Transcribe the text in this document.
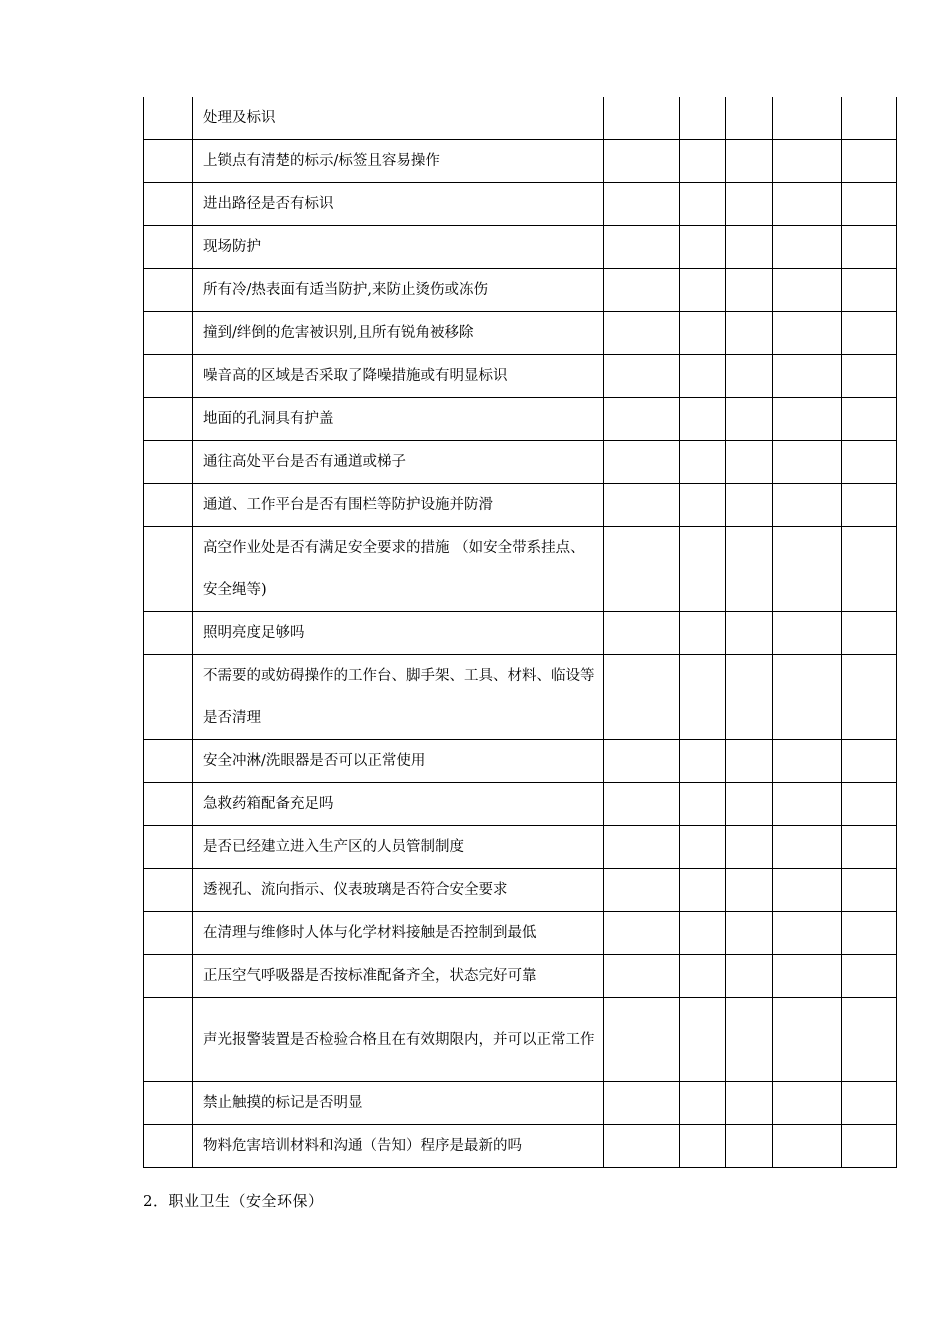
	处理及标识					
	上锁点有清楚的标示/标签且容易操作					
	进出路径是否有标识					
	现场防护					
	所有冷/热表面有适当防护,来防止烫伤或冻伤					
	撞到/绊倒的危害被识别,且所有锐角被移除					
	噪音高的区域是否采取了降噪措施或有明显标识					
	地面的孔洞具有护盖					
	通往高处平台是否有通道或梯子					
	通道、工作平台是否有围栏等防护设施并防滑					
	高空作业处是否有满足安全要求的措施 （如安全带系挂点、安全绳等)					
	照明亮度足够吗					
	不需要的或妨碍操作的工作台、脚手架、工具、材料、临设等是否清理					
	安全冲淋/洗眼器是否可以正常使用					
	急救药箱配备充足吗					
	是否已经建立进入生产区的人员管制制度					
	透视孔、流向指示、仪表玻璃是否符合安全要求					
	在清理与维修时人体与化学材料接触是否控制到最低					
	正压空气呼吸器是否按标准配备齐全，状态完好可靠					
	声光报警装置是否检验合格且在有效期限内，并可以正常工作					
	禁止触摸的标记是否明显					
	物料危害培训材料和沟通（告知）程序是最新的吗					
2．职业卫生（安全环保）
